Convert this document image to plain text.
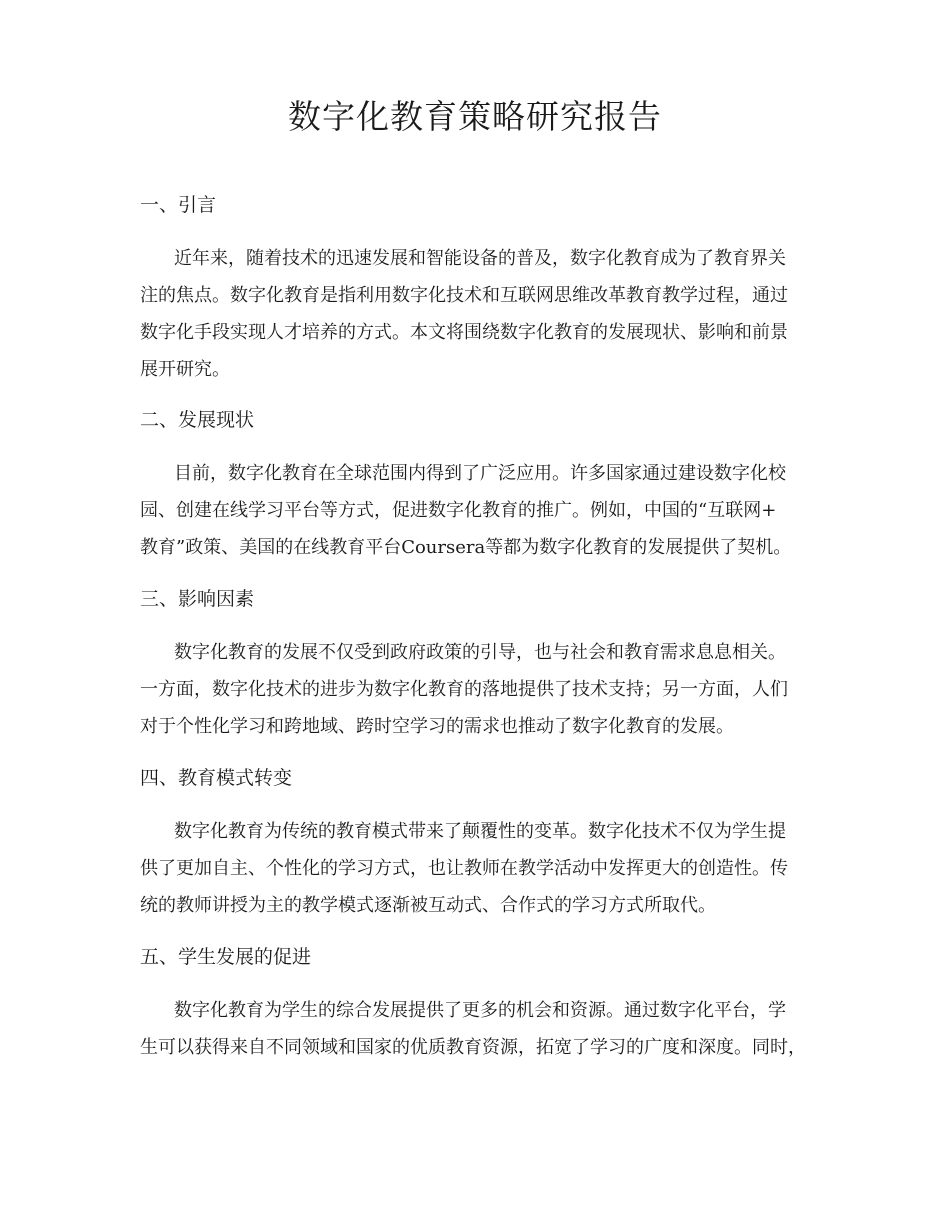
数字化教育策略研究报告
一、引言
近年来，随着技术的迅速发展和智能设备的普及，数字化教育成为了教育界关
注的焦点。数字化教育是指利用数字化技术和互联网思维改革教育教学过程，通过
数字化手段实现人才培养的方式。本文将围绕数字化教育的发展现状、影响和前景
展开研究。
二、发展现状
目前，数字化教育在全球范围内得到了广泛应用。许多国家通过建设数字化校
园、创建在线学习平台等方式，促进数字化教育的推广。例如，中国的“互联网+
教育”政策、美国的在线教育平台Coursera等都为数字化教育的发展提供了契机。
三、影响因素
数字化教育的发展不仅受到政府政策的引导，也与社会和教育需求息息相关。
一方面，数字化技术的进步为数字化教育的落地提供了技术支持；另一方面，人们
对于个性化学习和跨地域、跨时空学习的需求也推动了数字化教育的发展。
四、教育模式转变
数字化教育为传统的教育模式带来了颠覆性的变革。数字化技术不仅为学生提
供了更加自主、个性化的学习方式，也让教师在教学活动中发挥更大的创造性。传
统的教师讲授为主的教学模式逐渐被互动式、合作式的学习方式所取代。
五、学生发展的促进
数字化教育为学生的综合发展提供了更多的机会和资源。通过数字化平台，学
生可以获得来自不同领域和国家的优质教育资源，拓宽了学习的广度和深度。同时，
